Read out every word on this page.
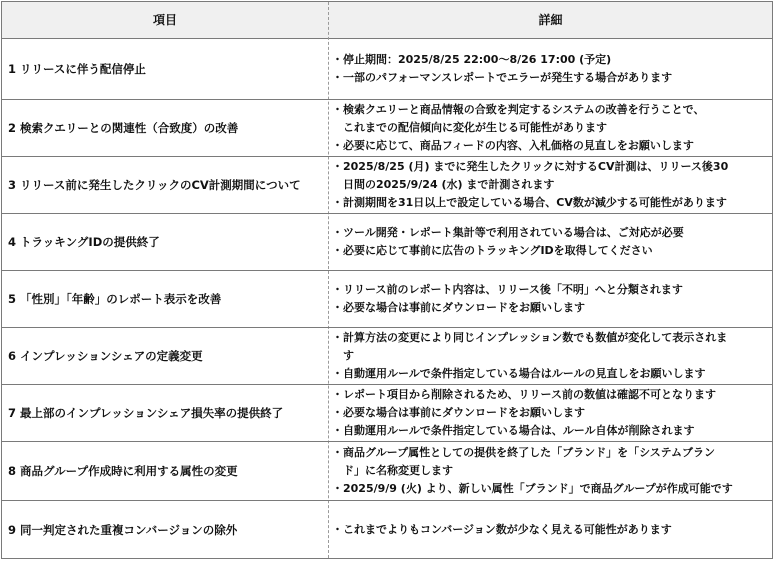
項目	詳細
1 リリースに伴う配信停止
・ 停止期間：2025/8/25 22:00～8/26 17:00 (予定)
・ 一部のパフォーマンスレポートでエラーが発生する場合があります
2 検索クエリーとの関連性（合致度）の改善
・ 検索クエリーと商品情報の合致を判定するシステムの改善を行うことで、
これまでの配信傾向に変化が生じる可能性があります
・ 必要に応じて、商品フィードの内容、入札価格の見直しをお願いします
3 リリース前に発生したクリックのCV計測期間について
・ 2025/8/25 (月) までに発生したクリックに対するCV計測は、リリース後30
日間の2025/9/24 (水) まで計測されます
・ 計測期間を31日以上で設定している場合、CV数が減少する可能性があります
4 トラッキングIDの提供終了
・ ツール開発・レポート集計等で利用されている場合は、ご対応が必要
・ 必要に応じて事前に広告のトラッキングIDを取得してください
5 「性別」「年齢」のレポート表示を改善
・ リリース前のレポート内容は、リリース後「不明」へと分類されます
・ 必要な場合は事前にダウンロードをお願いします
6 インプレッションシェアの定義変更
・ 計算方法の変更により同じインプレッション数でも数値が変化して表示されま
す
・ 自動運用ルールで条件指定している場合はルールの見直しをお願いします
7 最上部のインプレッションシェア損失率の提供終了
・ レポート項目から削除されるため、リリース前の数値は確認不可となります
・ 必要な場合は事前にダウンロードをお願いします
・ 自動運用ルールで条件指定している場合は、ルール自体が削除されます
8 商品グループ作成時に利用する属性の変更
・ 商品グループ属性としての提供を終了した「ブランド」を「システムブラン
ド」に名称変更します
・ 2025/9/9 (火) より、新しい属性「ブランド」で商品グループが作成可能です
9 同一判定された重複コンバージョンの除外	・ これまでよりもコンバージョン数が少なく見える可能性があります
